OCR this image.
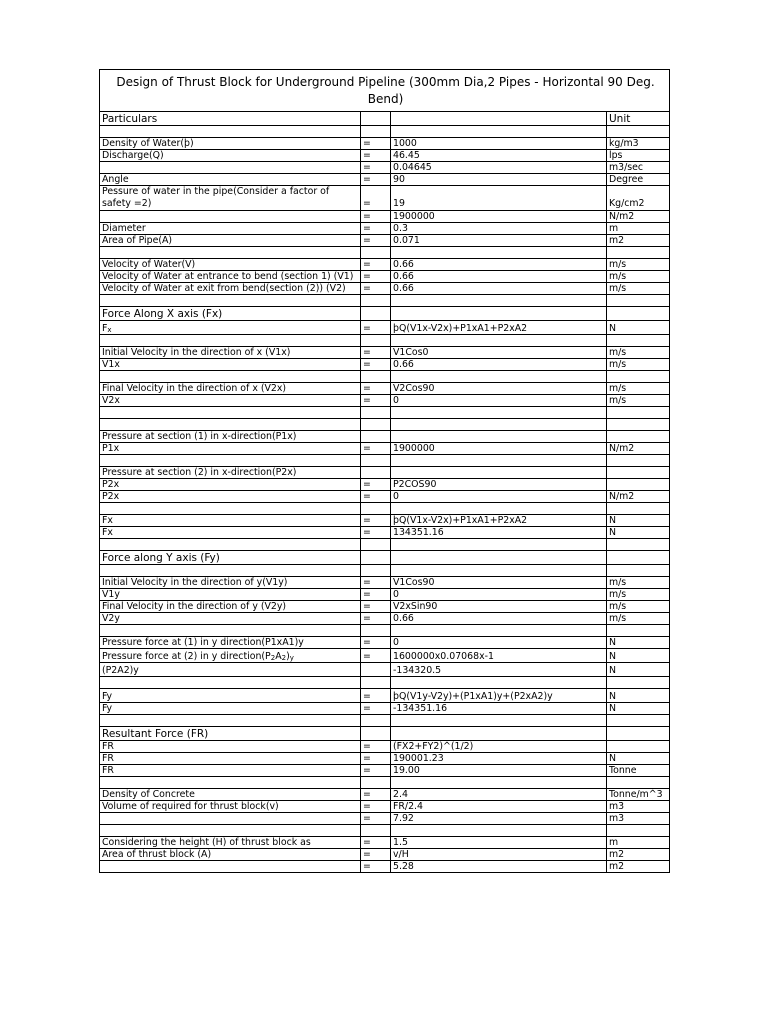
Design of Thrust Block for Underground Pipeline (300mm Dia,2 Pipes - Horizontal 90 Deg. Bend)			
Particulars			Unit

Density of Water(þ)	=	1000	kg/m3
Discharge(Q)	=	46.45	lps
	=	0.04645	m3/sec
Angle	=	90	Degree
Pessure of water in the pipe(Consider a factor of safety =2)	=	19	Kg/cm2
	=	1900000	N/m2
Diameter	=	0.3	m
Area of Pipe(A)	=	0.071	m2

Velocity of Water(V)	=	0.66	m/s
Velocity of Water at entrance to bend (section 1) (V1)	=	0.66	m/s
Velocity of Water at exit from bend(section (2)) (V2)	=	0.66	m/s

Force Along X axis (Fx)			
$F_x$	=	þQ(V1x-V2x)+P1xA1+P2xA2	N

Initial Velocity in the direction of x (V1x)	=	V1Cos0	m/s
V1x	=	0.66	m/s

Final Velocity in the direction of x (V2x)	=	V2Cos90	m/s
V2x	=	0	m/s

Pressure at section (1) in x-direction(P1x)			
P1x	=	1900000	N/m2

Pressure at section (2) in x-direction(P2x)			
P2x	=	P2COS90	
P2x	=	0	N/m2

Fx	=	þQ(V1x-V2x)+P1xA1+P2xA2	N
Fx	=	134351.16	N

Force along Y axis (Fy)			

Initial Velocity in the direction of y(V1y)	=	V1Cos90	m/s
V1y	=	0	m/s
Final Velocity in the direction of y (V2y)	=	V2xSin90	m/s
V2y	=	0.66	m/s

Pressure force at (1) in y direction(P1xA1)y	=	0	N
Pressure force at (2) in y $direction(P_2A_2)_y$	=	1600000x0.07068x-1	N
(P2A2)y		-134320.5	N

Fy	=	þQ(V1y-V2y)+(P1xA1)y+(P2xA2)y	N
Fy	=	-134351.16	N

Resultant Force (FR)			
FR	=	(FX2+FY2)^(1/2)	
FR	=	190001.23	N
FR	=	19.00	Tonne

Density of Concrete	=	2.4	Tonne/m^3
Volume of required for thrust block(v)	=	FR/2.4	m3
	=	7.92	m3

Considering the height (H) of thrust block as	=	1.5	m
Area of thrust block (A)	=	v/H	m2
	=	5.28	m2
